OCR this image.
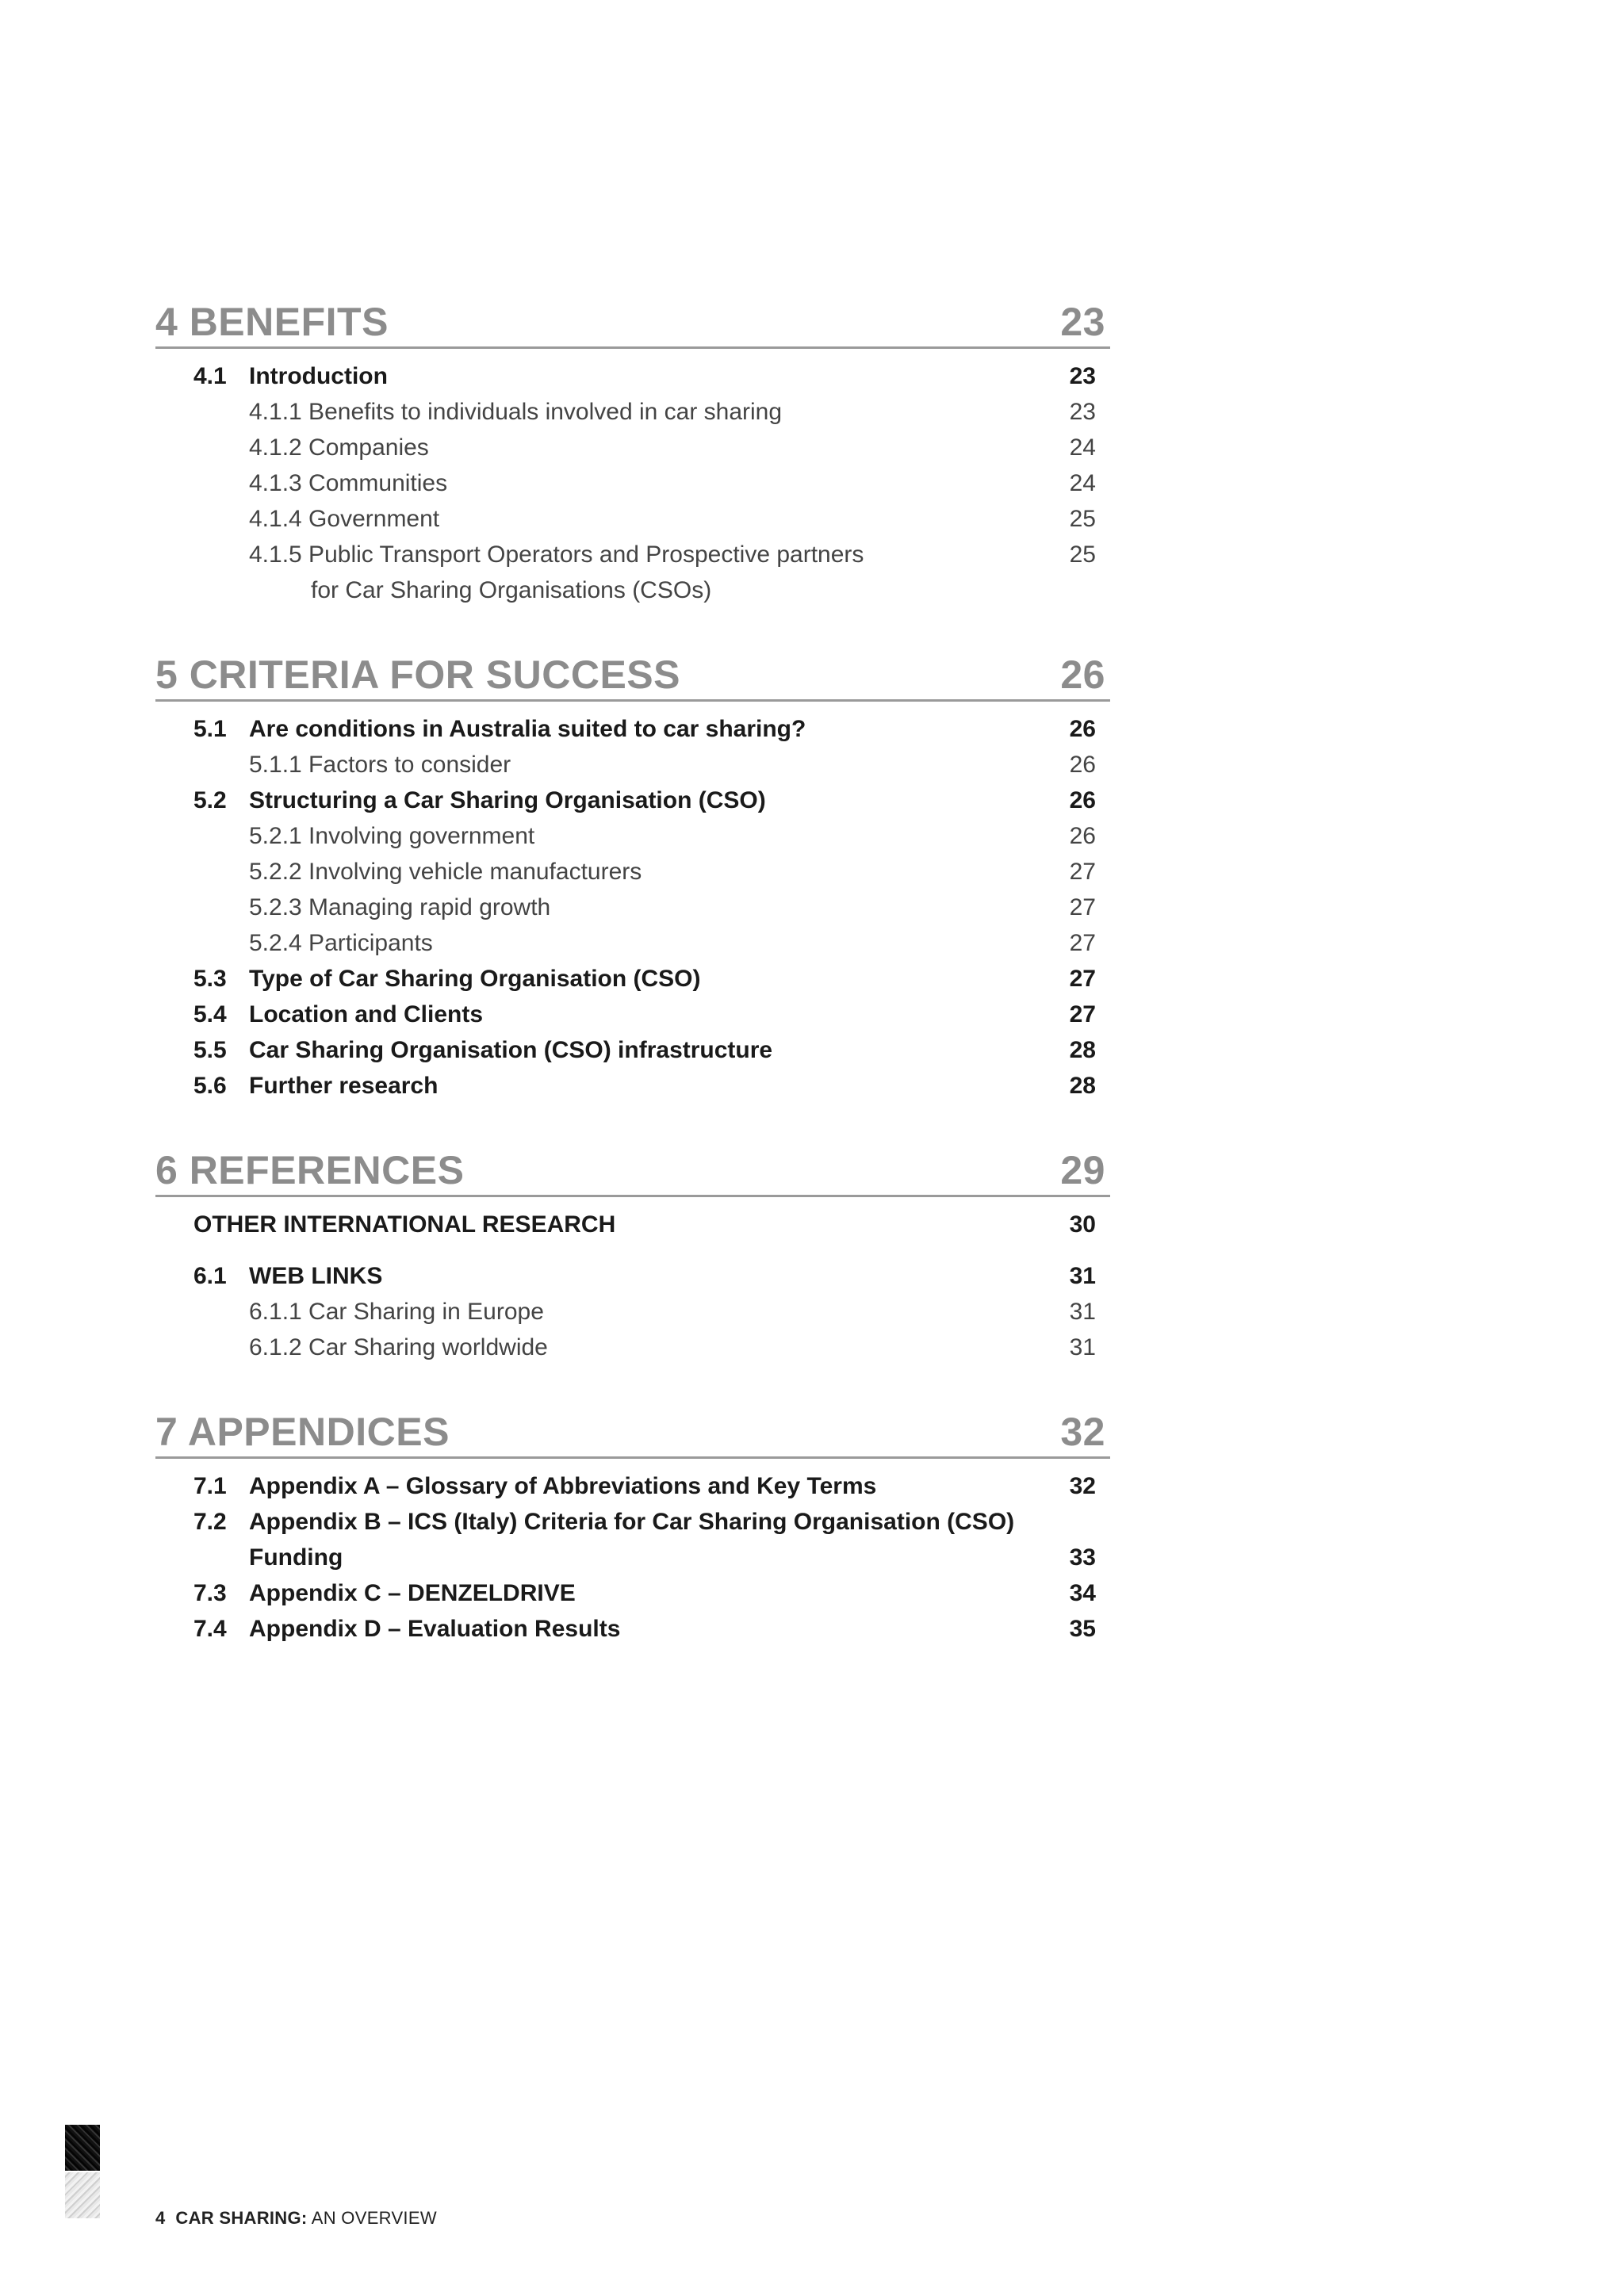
4 BENEFITS	23
4.1 Introduction	23
4.1.1 Benefits to individuals involved in car sharing	23
4.1.2 Companies	24
4.1.3 Communities	24
4.1.4 Government	25
4.1.5 Public Transport Operators and Prospective partners	25
for Car Sharing Organisations (CSOs)
5 CRITERIA FOR SUCCESS	26
5.1 Are conditions in Australia suited to car sharing?	26
5.1.1 Factors to consider	26
5.2 Structuring a Car Sharing Organisation (CSO)	26
5.2.1 Involving government	26
5.2.2 Involving vehicle manufacturers	27
5.2.3 Managing rapid growth	27
5.2.4 Participants	27
5.3 Type of Car Sharing Organisation (CSO)	27
5.4 Location and Clients	27
5.5 Car Sharing Organisation (CSO) infrastructure	28
5.6 Further research	28
6 REFERENCES	29
OTHER INTERNATIONAL RESEARCH	30
6.1 WEB LINKS	31
6.1.1 Car Sharing in Europe	31
6.1.2 Car Sharing worldwide	31
7 APPENDICES	32
7.1 Appendix A – Glossary of Abbreviations and Key Terms	32
7.2 Appendix B – ICS (Italy) Criteria for Car Sharing Organisation (CSO)
Funding	33
7.3 Appendix C – DENZELDRIVE	34
7.4 Appendix D – Evaluation Results	35
4 CAR SHARING: AN OVERVIEW
